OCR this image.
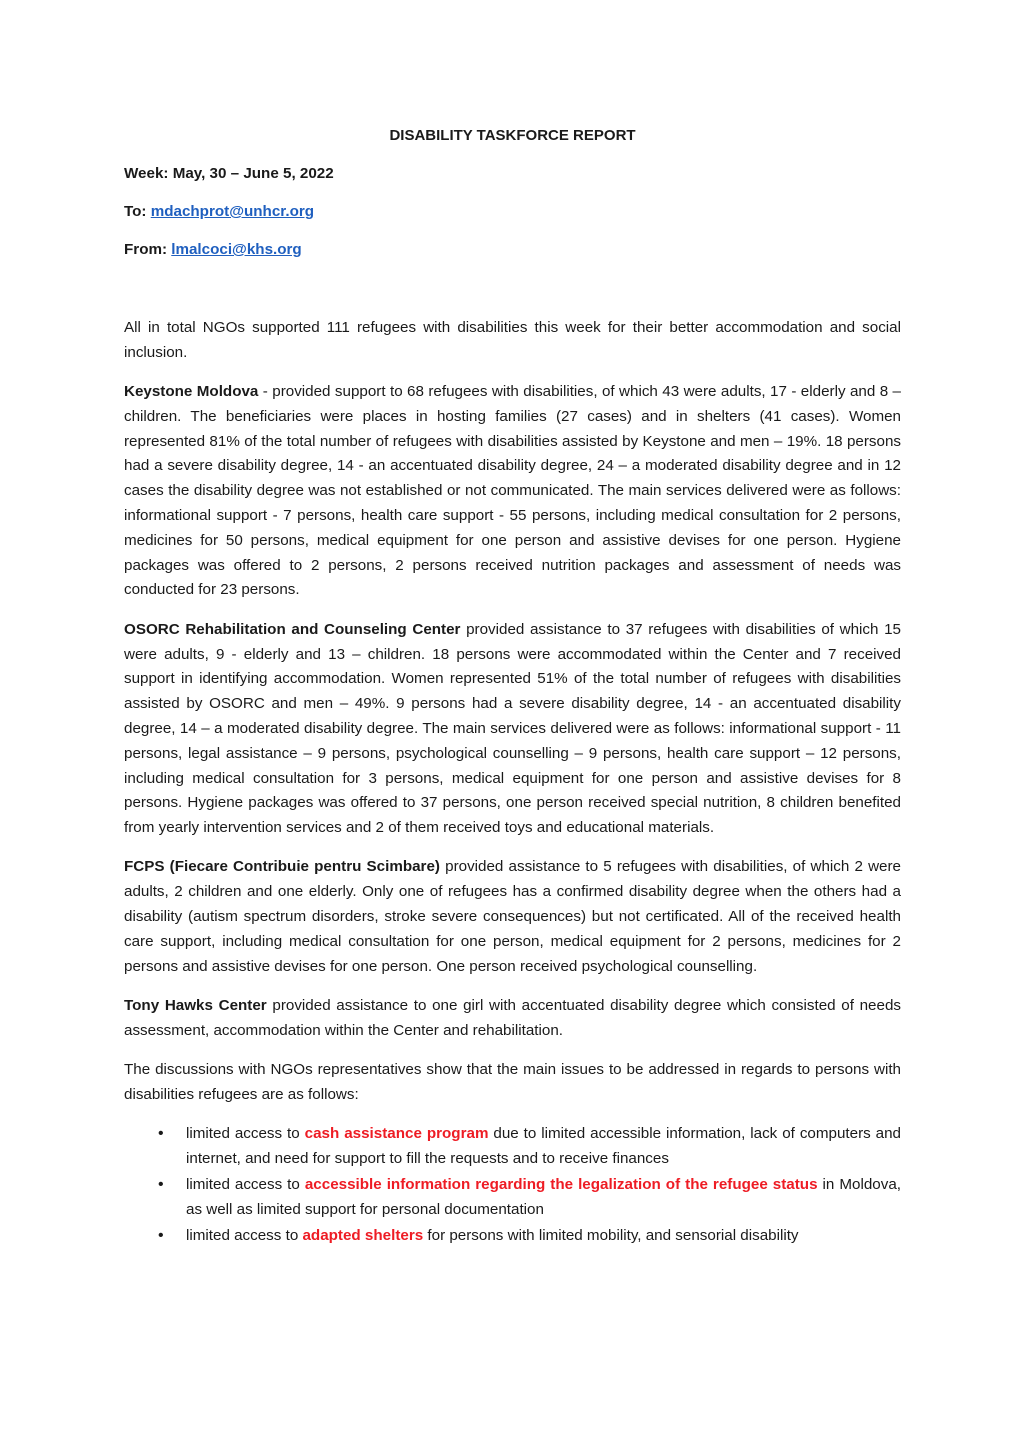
DISABILITY TASKFORCE REPORT
Week: May, 30 – June 5, 2022
To: mdachprot@unhcr.org
From: lmalcoci@khs.org

All in total NGOs supported 111 refugees with disabilities this week for their better accommodation and social inclusion.

Keystone Moldova - provided support to 68 refugees with disabilities, of which 43 were adults, 17 - elderly and 8 – children. The beneficiaries were places in hosting families (27 cases) and in shelters (41 cases). Women represented 81% of the total number of refugees with disabilities assisted by Keystone and men – 19%. 18 persons had a severe disability degree, 14 - an accentuated disability degree, 24 – a moderated disability degree and in 12 cases the disability degree was not established or not communicated. The main services delivered were as follows: informational support - 7 persons, health care support - 55 persons, including medical consultation for 2 persons, medicines for 50 persons, medical equipment for one person and assistive devises for one person. Hygiene packages was offered to 2 persons, 2 persons received nutrition packages and assessment of needs was conducted for 23 persons.

OSORC Rehabilitation and Counseling Center provided assistance to 37 refugees with disabilities of which 15 were adults, 9 - elderly and 13 – children. 18 persons were accommodated within the Center and 7 received support in identifying accommodation. Women represented 51% of the total number of refugees with disabilities assisted by OSORC and men – 49%. 9 persons had a severe disability degree, 14 - an accentuated disability degree, 14 – a moderated disability degree. The main services delivered were as follows: informational support - 11 persons, legal assistance – 9 persons, psychological counselling – 9 persons, health care support – 12 persons, including medical consultation for 3 persons, medical equipment for one person and assistive devises for 8 persons. Hygiene packages was offered to 37 persons, one person received special nutrition, 8 children benefited from yearly intervention services and 2 of them received toys and educational materials.

FCPS (Fiecare Contribuie pentru Scimbare) provided assistance to 5 refugees with disabilities, of which 2 were adults, 2 children and one elderly. Only one of refugees has a confirmed disability degree when the others had a disability (autism spectrum disorders, stroke severe consequences) but not certificated. All of the received health care support, including medical consultation for one person, medical equipment for 2 persons, medicines for 2 persons and assistive devises for one person. One person received psychological counselling.

Tony Hawks Center provided assistance to one girl with accentuated disability degree which consisted of needs assessment, accommodation within the Center and rehabilitation.

The discussions with NGOs representatives show that the main issues to be addressed in regards to persons with disabilities refugees are as follows:

• limited access to cash assistance program due to limited accessible information, lack of computers and internet, and need for support to fill the requests and to receive finances
• limited access to accessible information regarding the legalization of the refugee status in Moldova, as well as limited support for personal documentation
• limited access to adapted shelters for persons with limited mobility, and sensorial disability
